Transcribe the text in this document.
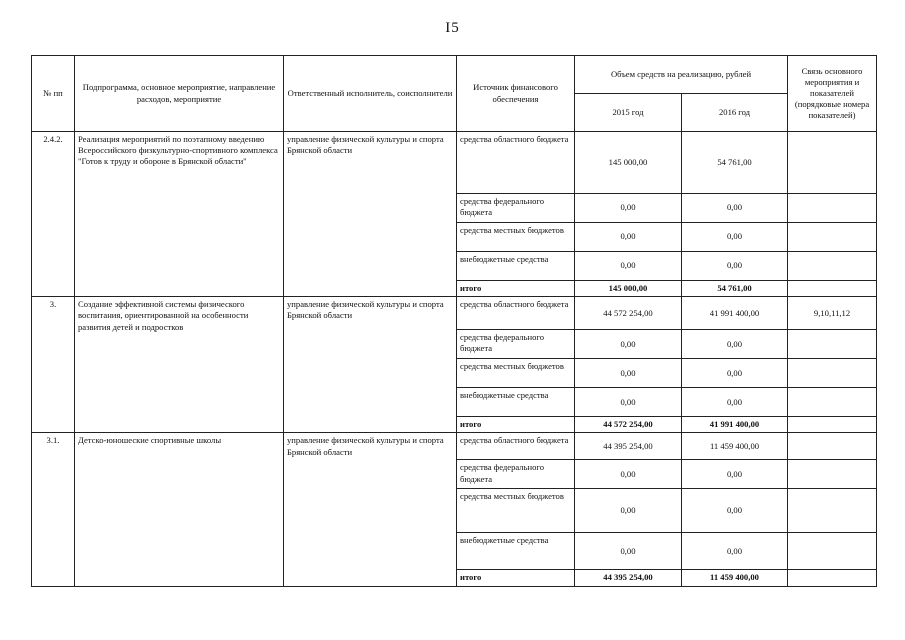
I5
№ пп	Подпрограмма, основное мероприятие, направление расходов, мероприятие	Ответственный исполнитель, соисполнители	Источник финансового обеспечения	Объем средств на реализацию, рублей		Связь основного мероприятия и показателей (порядковые номера показателей)
				2015 год	2016 год	
2.4.2.	Реализация мероприятий по поэтапному введению Всероссийского физкультурно-спортивного комплекса "Готов к труду и обороне в Брянской области"	управление физической культуры и спорта Брянской области	средства областного бюджета	145 000,00	54 761,00	
			средства федерального бюджета	0,00	0,00	
			средства местных бюджетов	0,00	0,00	
			внебюджетные средства	0,00	0,00	
			итого	145 000,00	54 761,00	
3.	Создание эффективной системы физического воспитания, ориентированной на особенности развития детей и подростков	управление физической культуры и спорта Брянской области	средства областного бюджета	44 572 254,00	41 991 400,00	9,10,11,12
			средства федерального бюджета	0,00	0,00	
			средства местных бюджетов	0,00	0,00	
			внебюджетные средства	0,00	0,00	
			итого	44 572 254,00	41 991 400,00	
3.1.	Детско-юношеские спортивные школы	управление физической культуры и спорта Брянской области	средства областного бюджета	44 395 254,00	11 459 400,00	
			средства федерального бюджета	0,00	0,00	
			средства местных бюджетов	0,00	0,00	
			внебюджетные средства	0,00	0,00	
			итого	44 395 254,00	11 459 400,00	
